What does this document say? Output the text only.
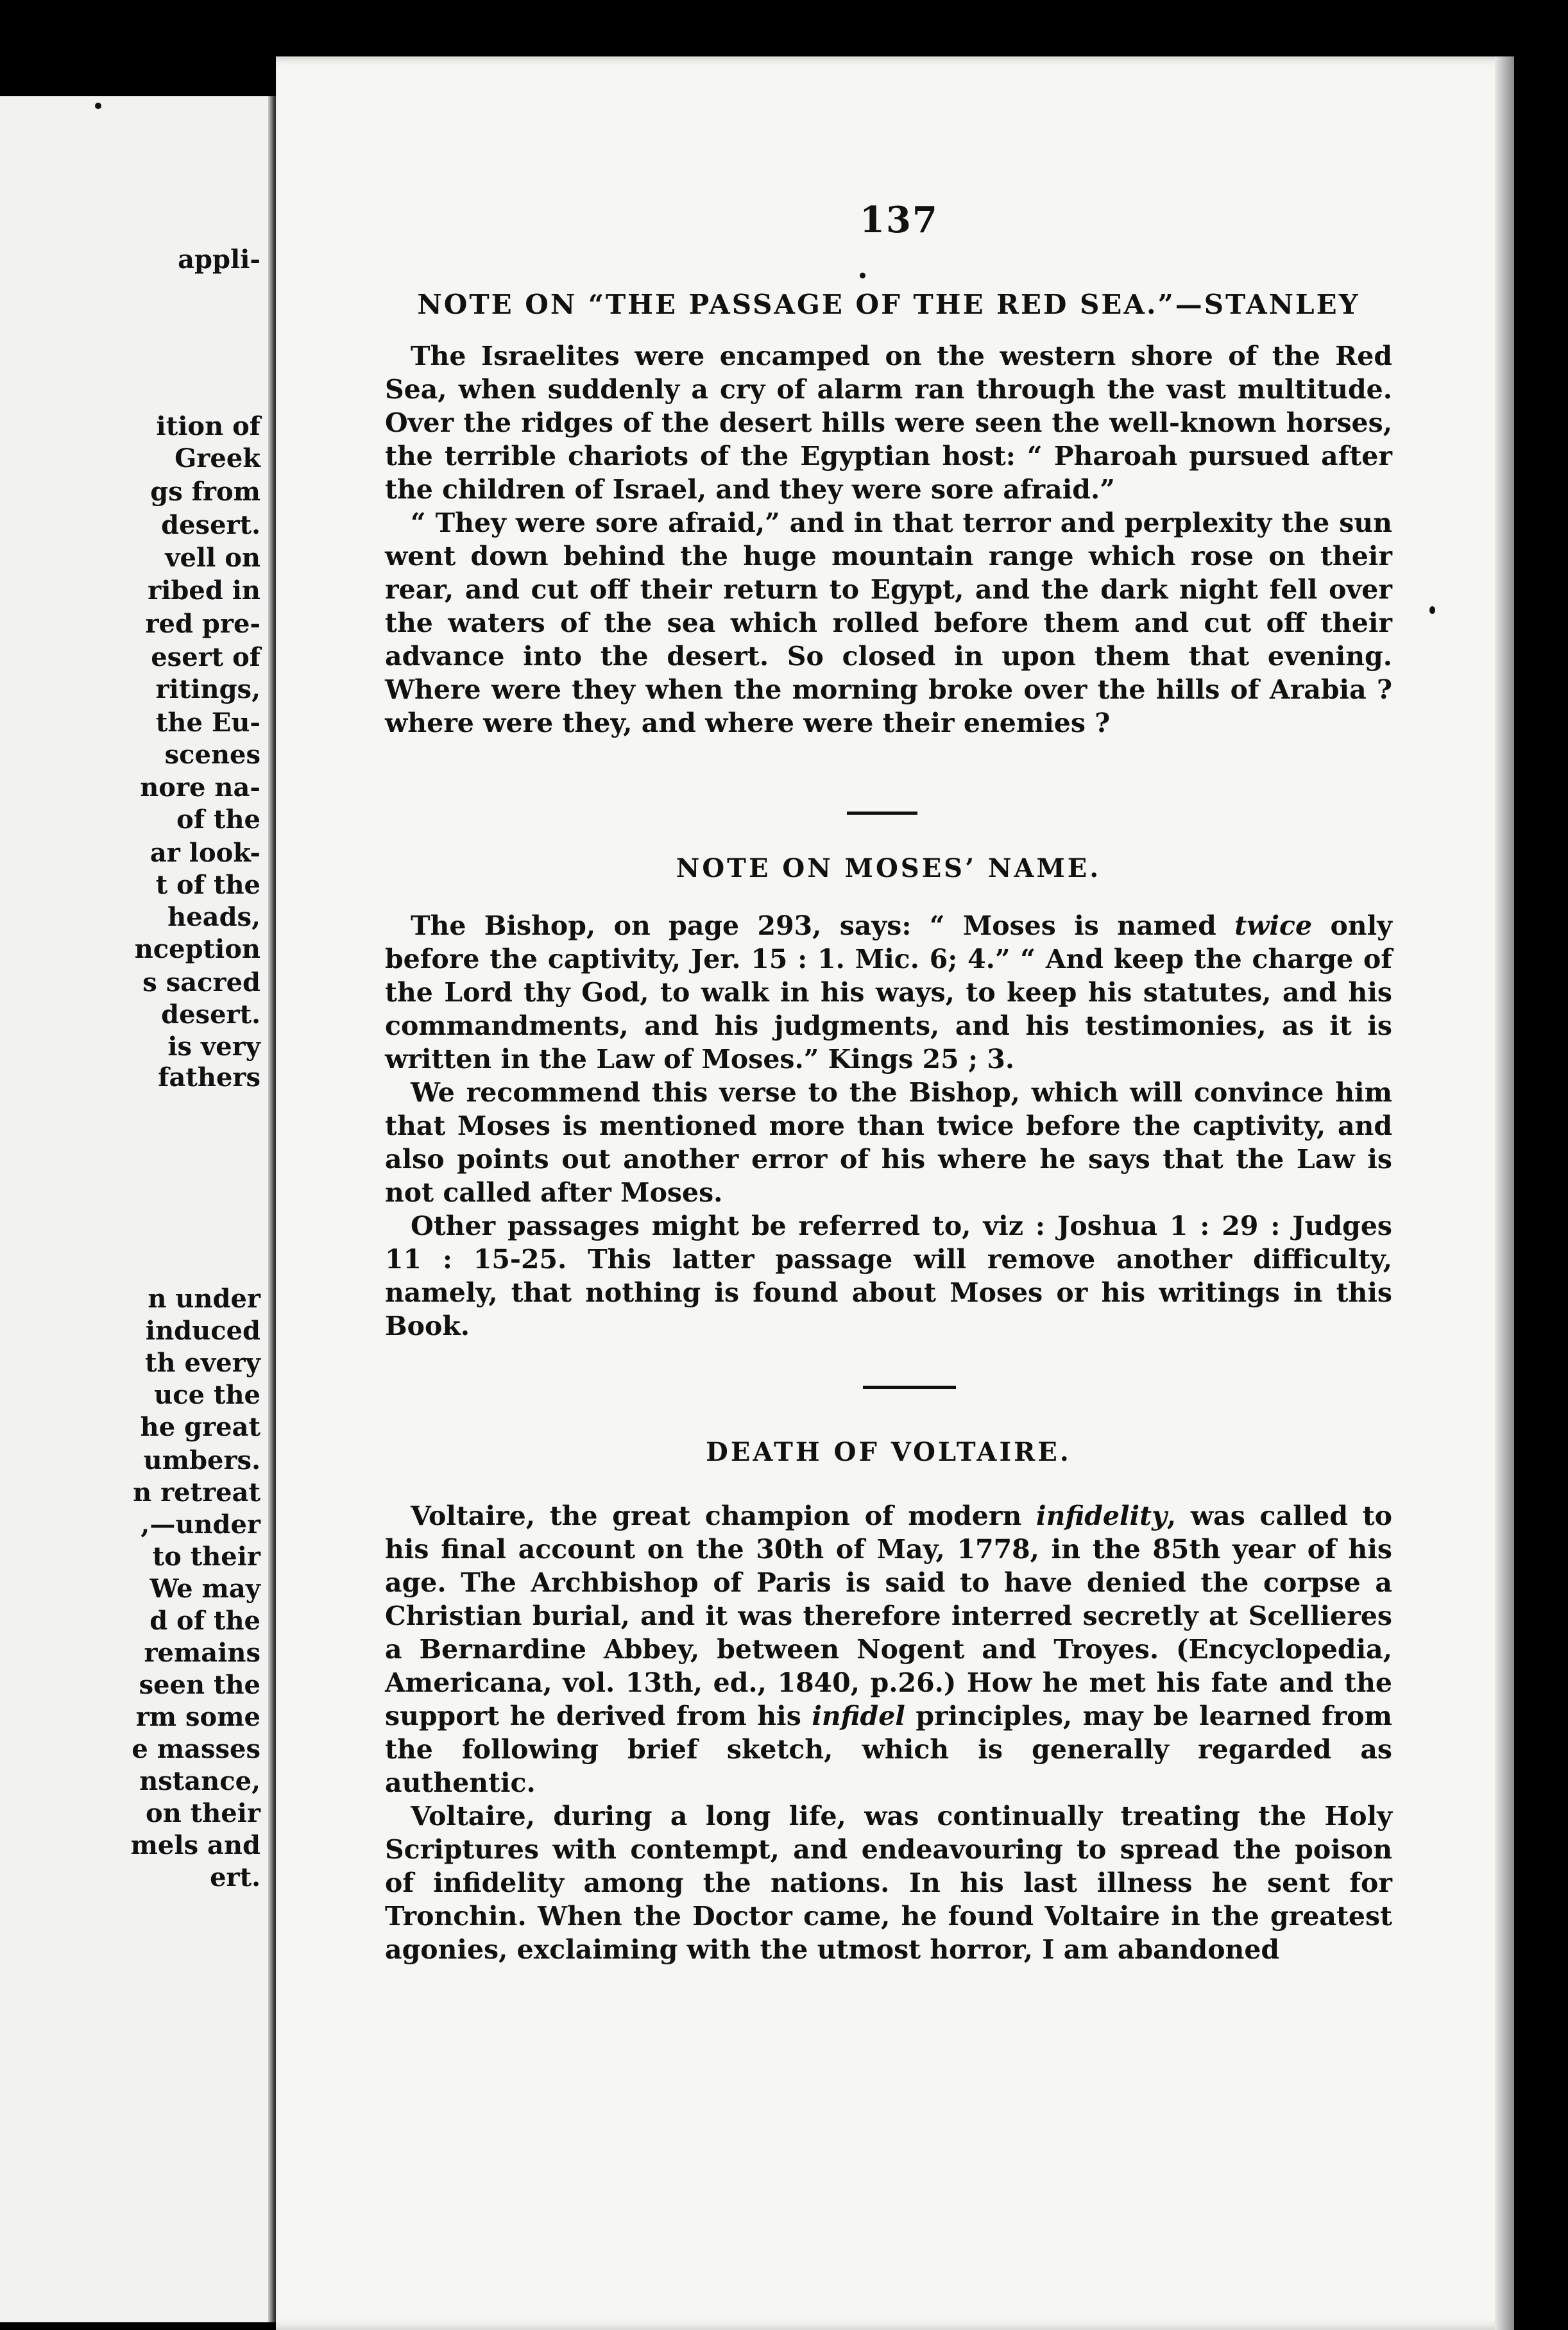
appli-
ition of
Greek
gs from
desert.
vell on
ribed in
red pre-
esert of
ritings,
the Eu-
scenes
nore na-
of the
ar look-
t of the
heads,
nception
s sacred
desert.
is very
fathers
n under
induced
th every
uce the
he great
umbers.
n retreat
,—under
to their
We may
d of the
remains
seen the
rm some
e masses
nstance,
on their
mels and
ert.
137
NOTE ON “THE PASSAGE OF THE RED SEA.”—STANLEY

The Israelites were encamped on the western shore of the Red Sea, when suddenly a cry of alarm ran through the vast multitude. Over the ridges of the desert hills were seen the well-known horses, the terrible chariots of the Egyptian host: “ Pharoah pursued after the children of Israel, and they were sore afraid.”

“ They were sore afraid,” and in that terror and perplexity the sun went down behind the huge mountain range which rose on their rear, and cut off their return to Egypt, and the dark night fell over the waters of the sea which rolled before them and cut off their advance into the desert. So closed in upon them that evening. Where were they when the morning broke over the hills of Arabia ? where were they, and where were their enemies ?

NOTE ON MOSES’ NAME.

The Bishop, on page 293, says: “ Moses is named twice only before the captivity, Jer. 15 : 1. Mic. 6; 4.” “ And keep the charge of the Lord thy God, to walk in his ways, to keep his statutes, and his commandments, and his judgments, and his testimonies, as it is written in the Law of Moses.” Kings 25 ; 3.

We recommend this verse to the Bishop, which will convince him that Moses is mentioned more than twice before the captivity, and also points out another error of his where he says that the Law is not called after Moses.

Other passages might be referred to, viz : Joshua 1 : 29 : Judges 11 : 15-25. This latter passage will remove another difficulty, namely, that nothing is found about Moses or his writings in this Book.

DEATH OF VOLTAIRE.

Voltaire, the great champion of modern infidelity, was called to his final account on the 30th of May, 1778, in the 85th year of his age. The Archbishop of Paris is said to have denied the corpse a Christian burial, and it was therefore interred secretly at Scellieres a Bernardine Abbey, between Nogent and Troyes. (Encyclopedia, Americana, vol. 13th, ed., 1840, p.26.) How he met his fate and the support he derived from his infidel principles, may be learned from the following brief sketch, which is generally regarded as authentic.

Voltaire, during a long life, was continually treating the Holy Scriptures with contempt, and endeavouring to spread the poison of infidelity among the nations. In his last illness he sent for Tronchin. When the Doctor came, he found Voltaire in the greatest agonies, exclaiming with the utmost horror, I am abandoned
